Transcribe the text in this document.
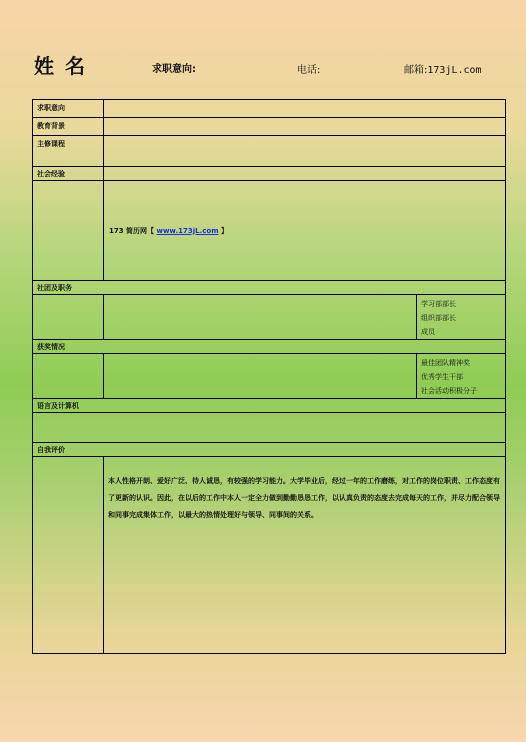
姓 名	求职意向:	电话:	邮箱:173jL.com
求职意向		
教育背景		
主修课程		
社会经验		
	173 简历网【 www.173jL.com 】	
社团及职务		

		学习部部长
组织部部长
成员

获奖情况		

		最佳团队精神奖
优秀学生干部
社会活动积极分子

语言及计算机		

自我评价		
	本人性格开朗、爱好广泛、待人诚恳，有较强的学习能力。大学毕业后，经过一年的工作磨练，对工作的岗位职责、工作态度有了更新的认识。因此，在以后的工作中本人一定全力做到勤勤恳恳工作，以认真负责的态度去完成每天的工作，并尽力配合领导和同事完成集体工作，以最大的热情处理好与领导、同事间的关系。	
